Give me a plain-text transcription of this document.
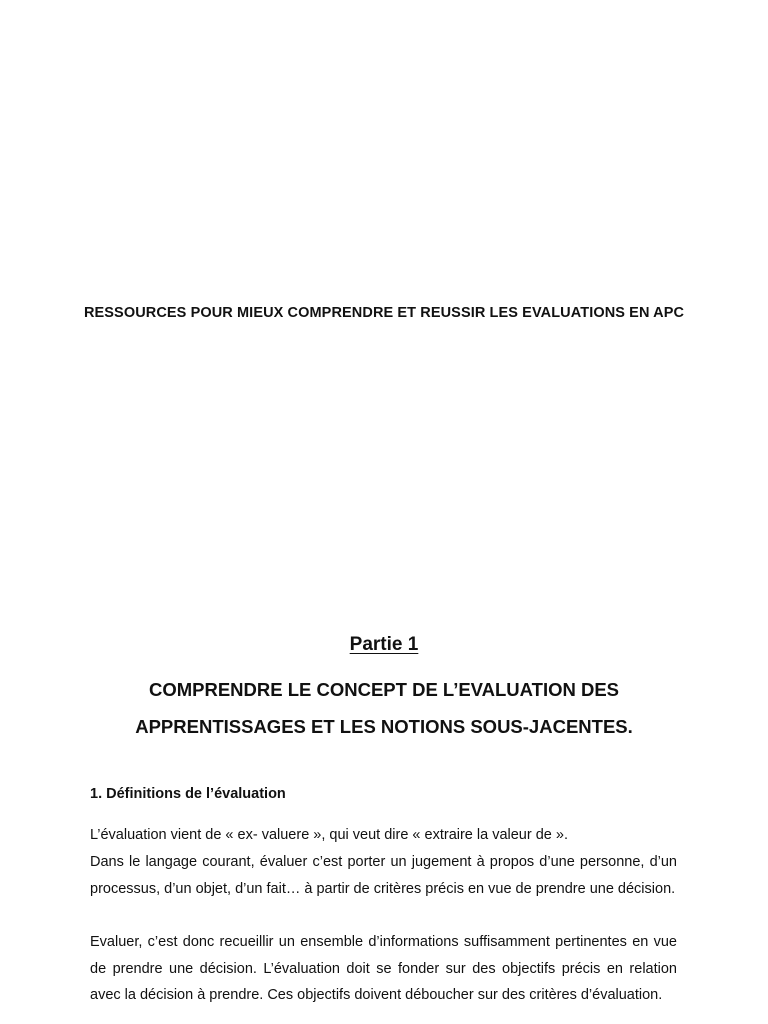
RESSOURCES POUR MIEUX COMPRENDRE ET REUSSIR LES EVALUATIONS EN APC
Partie 1
COMPRENDRE LE CONCEPT DE L’EVALUATION DES
APPRENTISSAGES ET LES NOTIONS SOUS-JACENTES.
1. Définitions de l’évaluation

L’évaluation vient de « ex- valuere », qui veut dire « extraire la valeur de ».

Dans le langage courant, évaluer c’est porter un jugement à propos d’une personne, d’un processus, d’un objet, d’un fait… à partir de critères précis en vue de prendre une décision.

Evaluer, c’est donc recueillir un ensemble d’informations suffisamment pertinentes en vue de prendre une décision. L’évaluation doit se fonder sur des objectifs précis en relation avec la décision à prendre. Ces objectifs doivent déboucher sur des critères d’évaluation.
